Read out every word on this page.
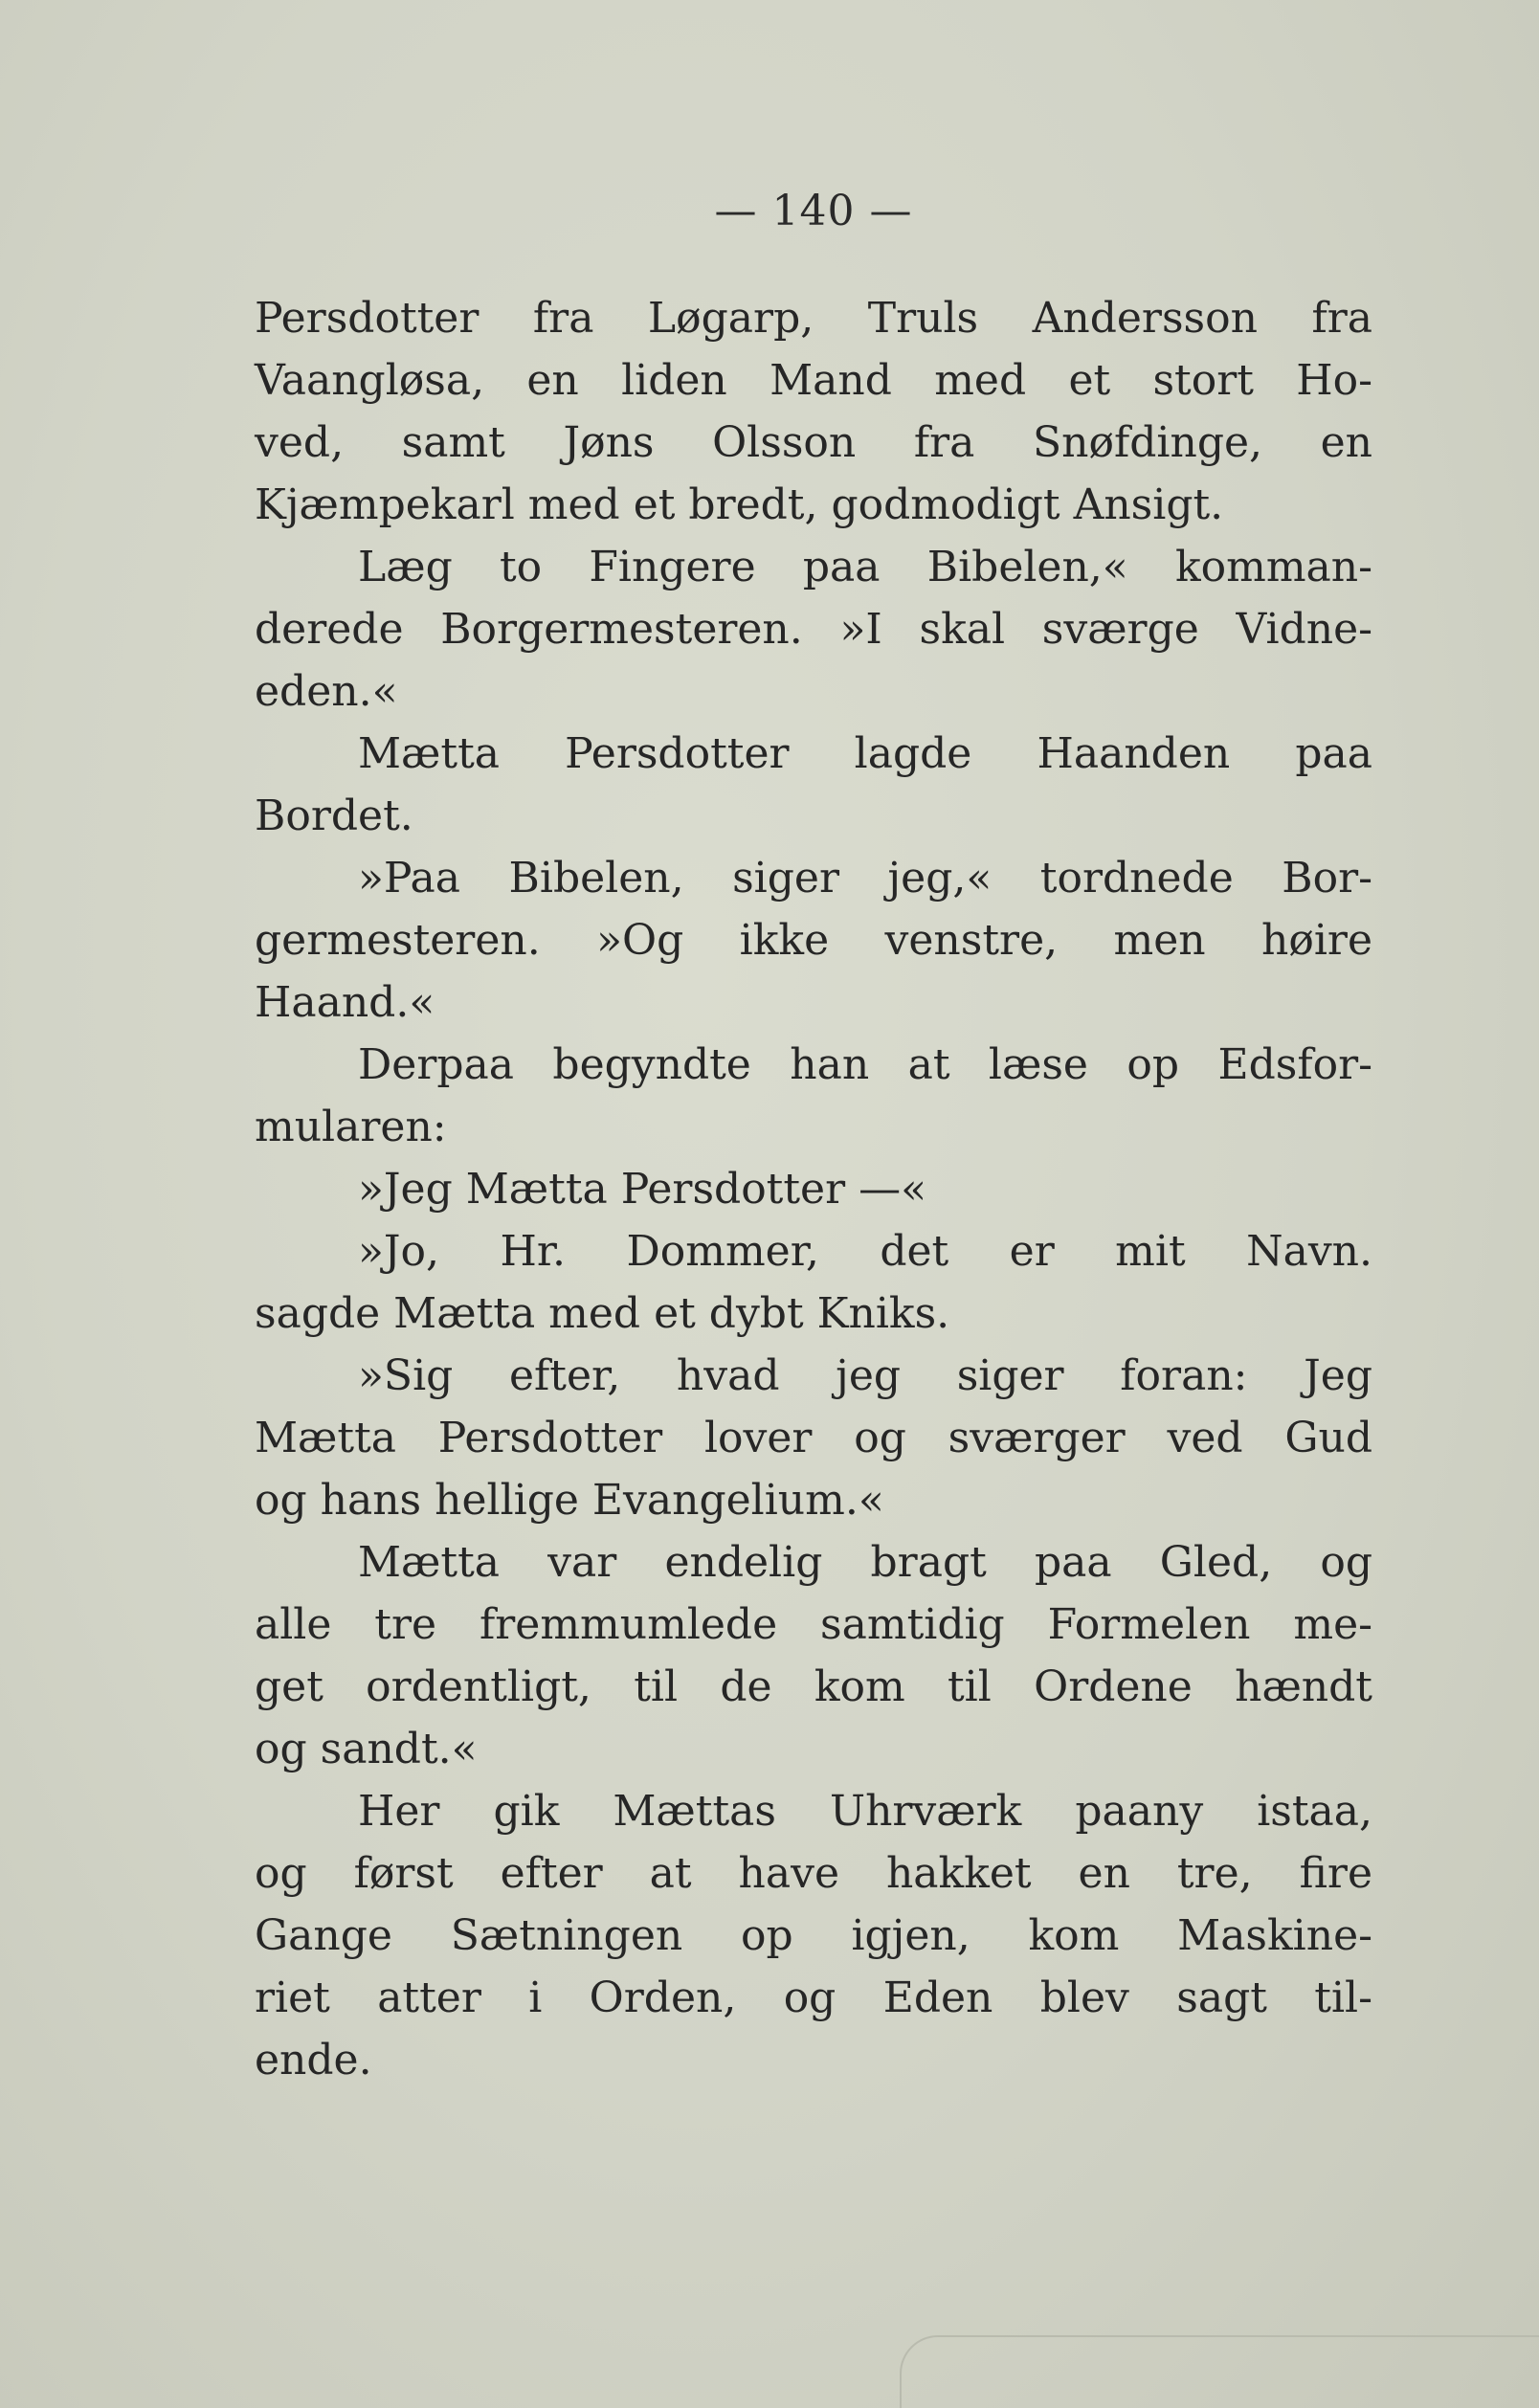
— 140 —

Persdotter fra Løgarp, Truls Andersson fra
Vaangløsa, en liden Mand med et stort Ho-
ved, samt Jøns Olsson fra Snøfdinge, en
Kjæmpekarl med et bredt, godmodigt Ansigt.

Læg to Fingere paa Bibelen,« komman-
derede Borgermesteren. »I skal sværge Vidne-
eden.«

Mætta Persdotter lagde Haanden paa
Bordet.

»Paa Bibelen, siger jeg,« tordnede Bor-
germesteren. »Og ikke venstre, men høire
Haand.«

Derpaa begyndte han at læse op Edsfor-
mularen:

»Jeg Mætta Persdotter —«

»Jo, Hr. Dommer, det er mit Navn.
sagde Mætta med et dybt Kniks.

»Sig efter, hvad jeg siger foran: Jeg
Mætta Persdotter lover og sværger ved Gud
og hans hellige Evangelium.«

Mætta var endelig bragt paa Gled, og
alle tre fremmumlede samtidig Formelen me-
get ordentligt, til de kom til Ordene hændt
og sandt.«

Her gik Mættas Uhrværk paany istaa,
og først efter at have hakket en tre, fire
Gange Sætningen op igjen, kom Maskine-
riet atter i Orden, og Eden blev sagt til-
ende.
